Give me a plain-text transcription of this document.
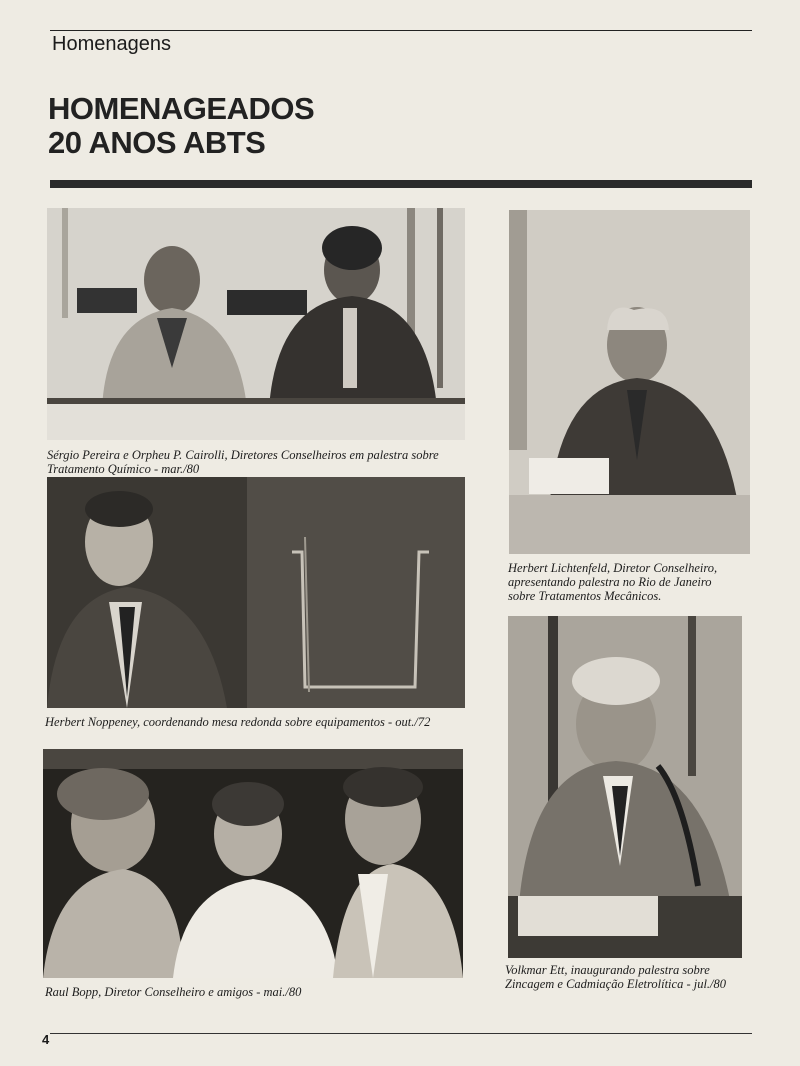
Homenagens
HOMENAGEADOS
20 ANOS ABTS
Sérgio Pereira e Orpheu P. Cairolli, Diretores Conselheiros em palestra sobre Tratamento Químico - mar./80
Herbert Lichtenfeld, Diretor Conselheiro, apresentando palestra no Rio de Janeiro sobre Tratamentos Mecânicos.
Herbert Noppeney, coordenando mesa redonda sobre equipamentos - out./72
Volkmar Ett, inaugurando palestra sobre Zincagem e Cadmiação Eletrolítica - jul./80
Raul Bopp, Diretor Conselheiro e amigos - mai./80
4
